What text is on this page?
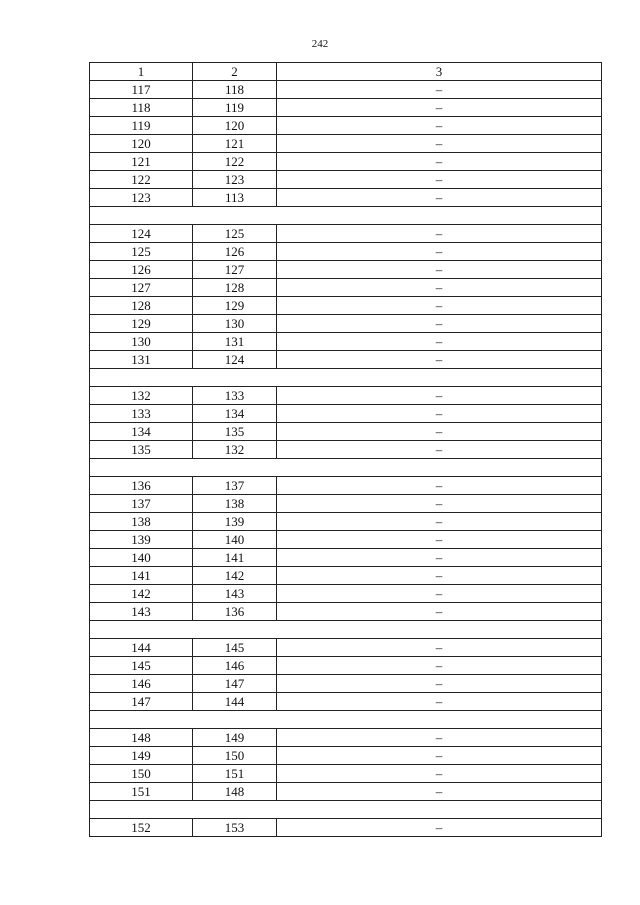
242
1	2	3
117	118	–
118	119	–
119	120	–
120	121	–
121	122	–
122	123	–
123	113	–

124	125	–
125	126	–
126	127	–
127	128	–
128	129	–
129	130	–
130	131	–
131	124	–

132	133	–
133	134	–
134	135	–
135	132	–

136	137	–
137	138	–
138	139	–
139	140	–
140	141	–
141	142	–
142	143	–
143	136	–

144	145	–
145	146	–
146	147	–
147	144	–

148	149	–
149	150	–
150	151	–
151	148	–

152	153	–
